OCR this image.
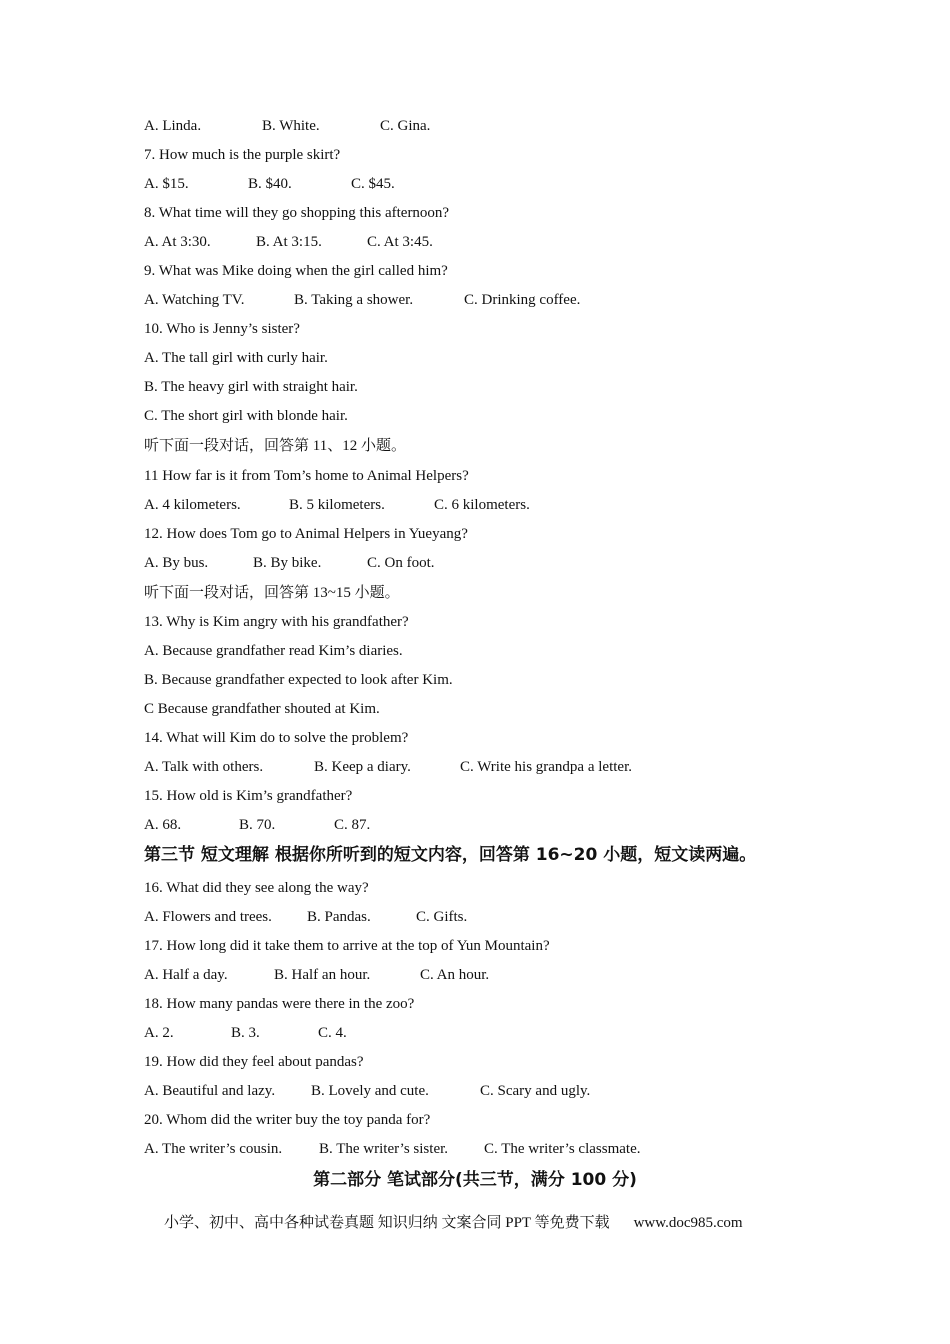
A. Linda.	B. White.	C. Gina.
7. How much is the purple skirt?
A. $15.	B. $40.	C. $45.
8. What time will they go shopping this afternoon?
A. At 3:30.	B. At 3:15.	C. At 3:45.
9. What was Mike doing when the girl called him?
A. Watching TV.	B. Taking a shower.	C. Drinking coffee.
10. Who is Jenny’s sister?
A. The tall girl with curly hair.
B. The heavy girl with straight hair.
C. The short girl with blonde hair.
听下面一段对话，回答第 11、12 小题。
11 How far is it from Tom’s home to Animal Helpers?
A. 4 kilometers.	B. 5 kilometers.	C. 6 kilometers.
12. How does Tom go to Animal Helpers in Yueyang?
A. By bus.	B. By bike.	C. On foot.
听下面一段对话，回答第 13~15 小题。
13. Why is Kim angry with his grandfather?
A. Because grandfather read Kim’s diaries.
B. Because grandfather expected to look after Kim.
C Because grandfather shouted at Kim.
14. What will Kim do to solve the problem?
A. Talk with others.	B. Keep a diary.	C. Write his grandpa a letter.
15. How old is Kim’s grandfather?
A. 68.	B. 70.	C. 87.
第三节 短文理解 根据你所听到的短文内容，回答第 16~20 小题，短文读两遍。
16. What did they see along the way?
A. Flowers and trees. B. Pandas.	C. Gifts.
17. How long did it take them to arrive at the top of Yun Mountain?
A. Half a day.	B. Half an hour.	C. An hour.
18. How many pandas were there in the zoo?
A. 2.	B. 3.	C. 4.
19. How did they feel about pandas?
A. Beautiful and lazy. B. Lovely and cute.	C. Scary and ugly.
20. Whom did the writer buy the toy panda for?
A. The writer’s cousin. B. The writer’s sister. C. The writer’s classmate.
第二部分 笔试部分(共三节，满分 100 分)
小学、初中、高中各种试卷真题 知识归纳 文案合同 PPT 等免费下载 www.doc985.com
